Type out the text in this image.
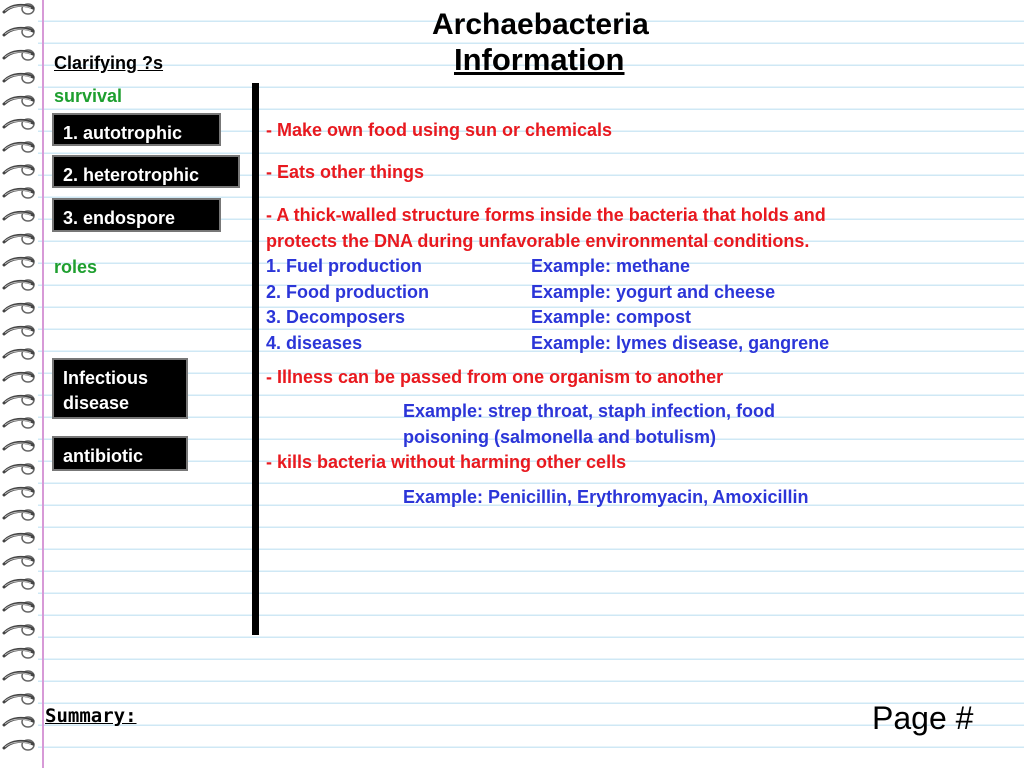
Archaebacteria
Information
Clarifying ?s
survival
roles
1. autotrophic
2. heterotrophic
3. endospore
Infectious disease
antibiotic
- Make own food using sun or chemicals
- Eats other things
- A thick-walled structure forms inside the bacteria that holds and
protects the DNA during unfavorable environmental conditions.
1. Fuel production	Example: methane
2. Food production	Example: yogurt and cheese
3. Decomposers	Example: compost
4. diseases	Example: lymes disease, gangrene
- Illness can be passed from one organism to another
Example: strep throat, staph infection, food
poisoning (salmonella and botulism)
- kills bacteria without harming other cells
Example: Penicillin, Erythromyacin, Amoxicillin
Summary:	Page #
